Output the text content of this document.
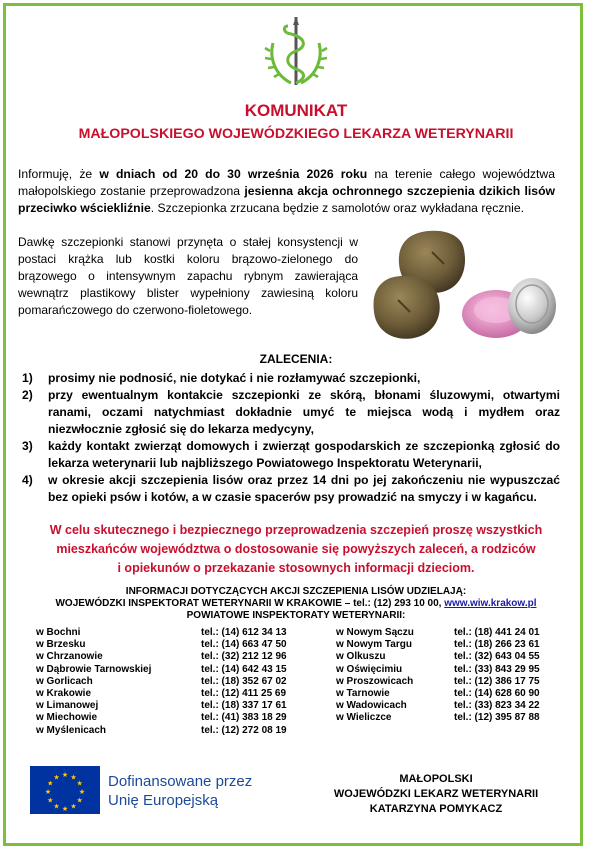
KOMUNIKAT
MAŁOPOLSKIEGO WOJEWÓDZKIEGO LEKARZA WETERYNARII
Informuję, że w dniach od 20 do 30 września 2026 roku na terenie całego województwa małopolskiego zostanie przeprowadzona jesienna akcja ochronnego szczepienia dzikich lisów przeciwko wściekliźnie. Szczepionka zrzucana będzie z samolotów oraz wykładana ręcznie.
Dawkę szczepionki stanowi przynęta o stałej konsystencji w postaci krążka lub kostki koloru brązowo-zielonego do brązowego o intensywnym zapachu rybnym zawierająca wewnątrz plastikowy blister wypełniony zawiesiną koloru pomarańczowego do czerwono-fioletowego.
ZALECENIA:
1) prosimy nie podnosić, nie dotykać i nie rozłamywać szczepionki,
2) przy ewentualnym kontakcie szczepionki ze skórą, błonami śluzowymi, otwartymi ranami, oczami natychmiast dokładnie umyć te miejsca wodą i mydłem oraz niezwłocznie zgłosić się do lekarza medycyny,
3) każdy kontakt zwierząt domowych i zwierząt gospodarskich ze szczepionką zgłosić do lekarza weterynarii lub najbliższego Powiatowego Inspektoratu Weterynarii,
4) w okresie akcji szczepienia lisów oraz przez 14 dni po jej zakończeniu nie wypuszczać bez opieki psów i kotów, a w czasie spacerów psy prowadzić na smyczy i w kagańcu.
W celu skutecznego i bezpiecznego przeprowadzenia szczepień proszę wszystkich
mieszkańców województwa o dostosowanie się powyższych zaleceń, a rodziców
i opiekunów o przekazanie stosownych informacji dzieciom.
INFORMACJI DOTYCZĄCYCH AKCJI SZCZEPIENIA LISÓW UDZIELAJĄ:
WOJEWÓDZKI INSPEKTORAT WETERYNARII W KRAKOWIE – tel.: (12) 293 10 00, www.wiw.krakow.pl
POWIATOWE INSPEKTORATY WETERYNARII:
w Bochni
w Brzesku
w Chrzanowie
w Dąbrowie Tarnowskiej
w Gorlicach
w Krakowie
w Limanowej
w Miechowie
w Myślenicach
tel.: (14) 612 34 13
tel.: (14) 663 47 50
tel.: (32) 212 12 96
tel.: (14) 642 43 15
tel.: (18) 352 67 02
tel.: (12) 411 25 69
tel.: (18) 337 17 61
tel.: (41) 383 18 29
tel.: (12) 272 08 19
w Nowym Sączu
w Nowym Targu
w Olkuszu
w Oświęcimiu
w Proszowicach
w Tarnowie
w Wadowicach
w Wieliczce
tel.: (18) 441 24 01
tel.: (18) 266 23 61
tel.: (32) 643 04 55
tel.: (33) 843 29 95
tel.: (12) 386 17 75
tel.: (14) 628 60 90
tel.: (33) 823 34 22
tel.: (12) 395 87 88
★ ★
★
★
★
★
★
★
★
★
★
★	Dofinansowane przez
Unię Europejską
MAŁOPOLSKI
WOJEWÓDZKI LEKARZ WETERYNARII
KATARZYNA POMYKACZ
